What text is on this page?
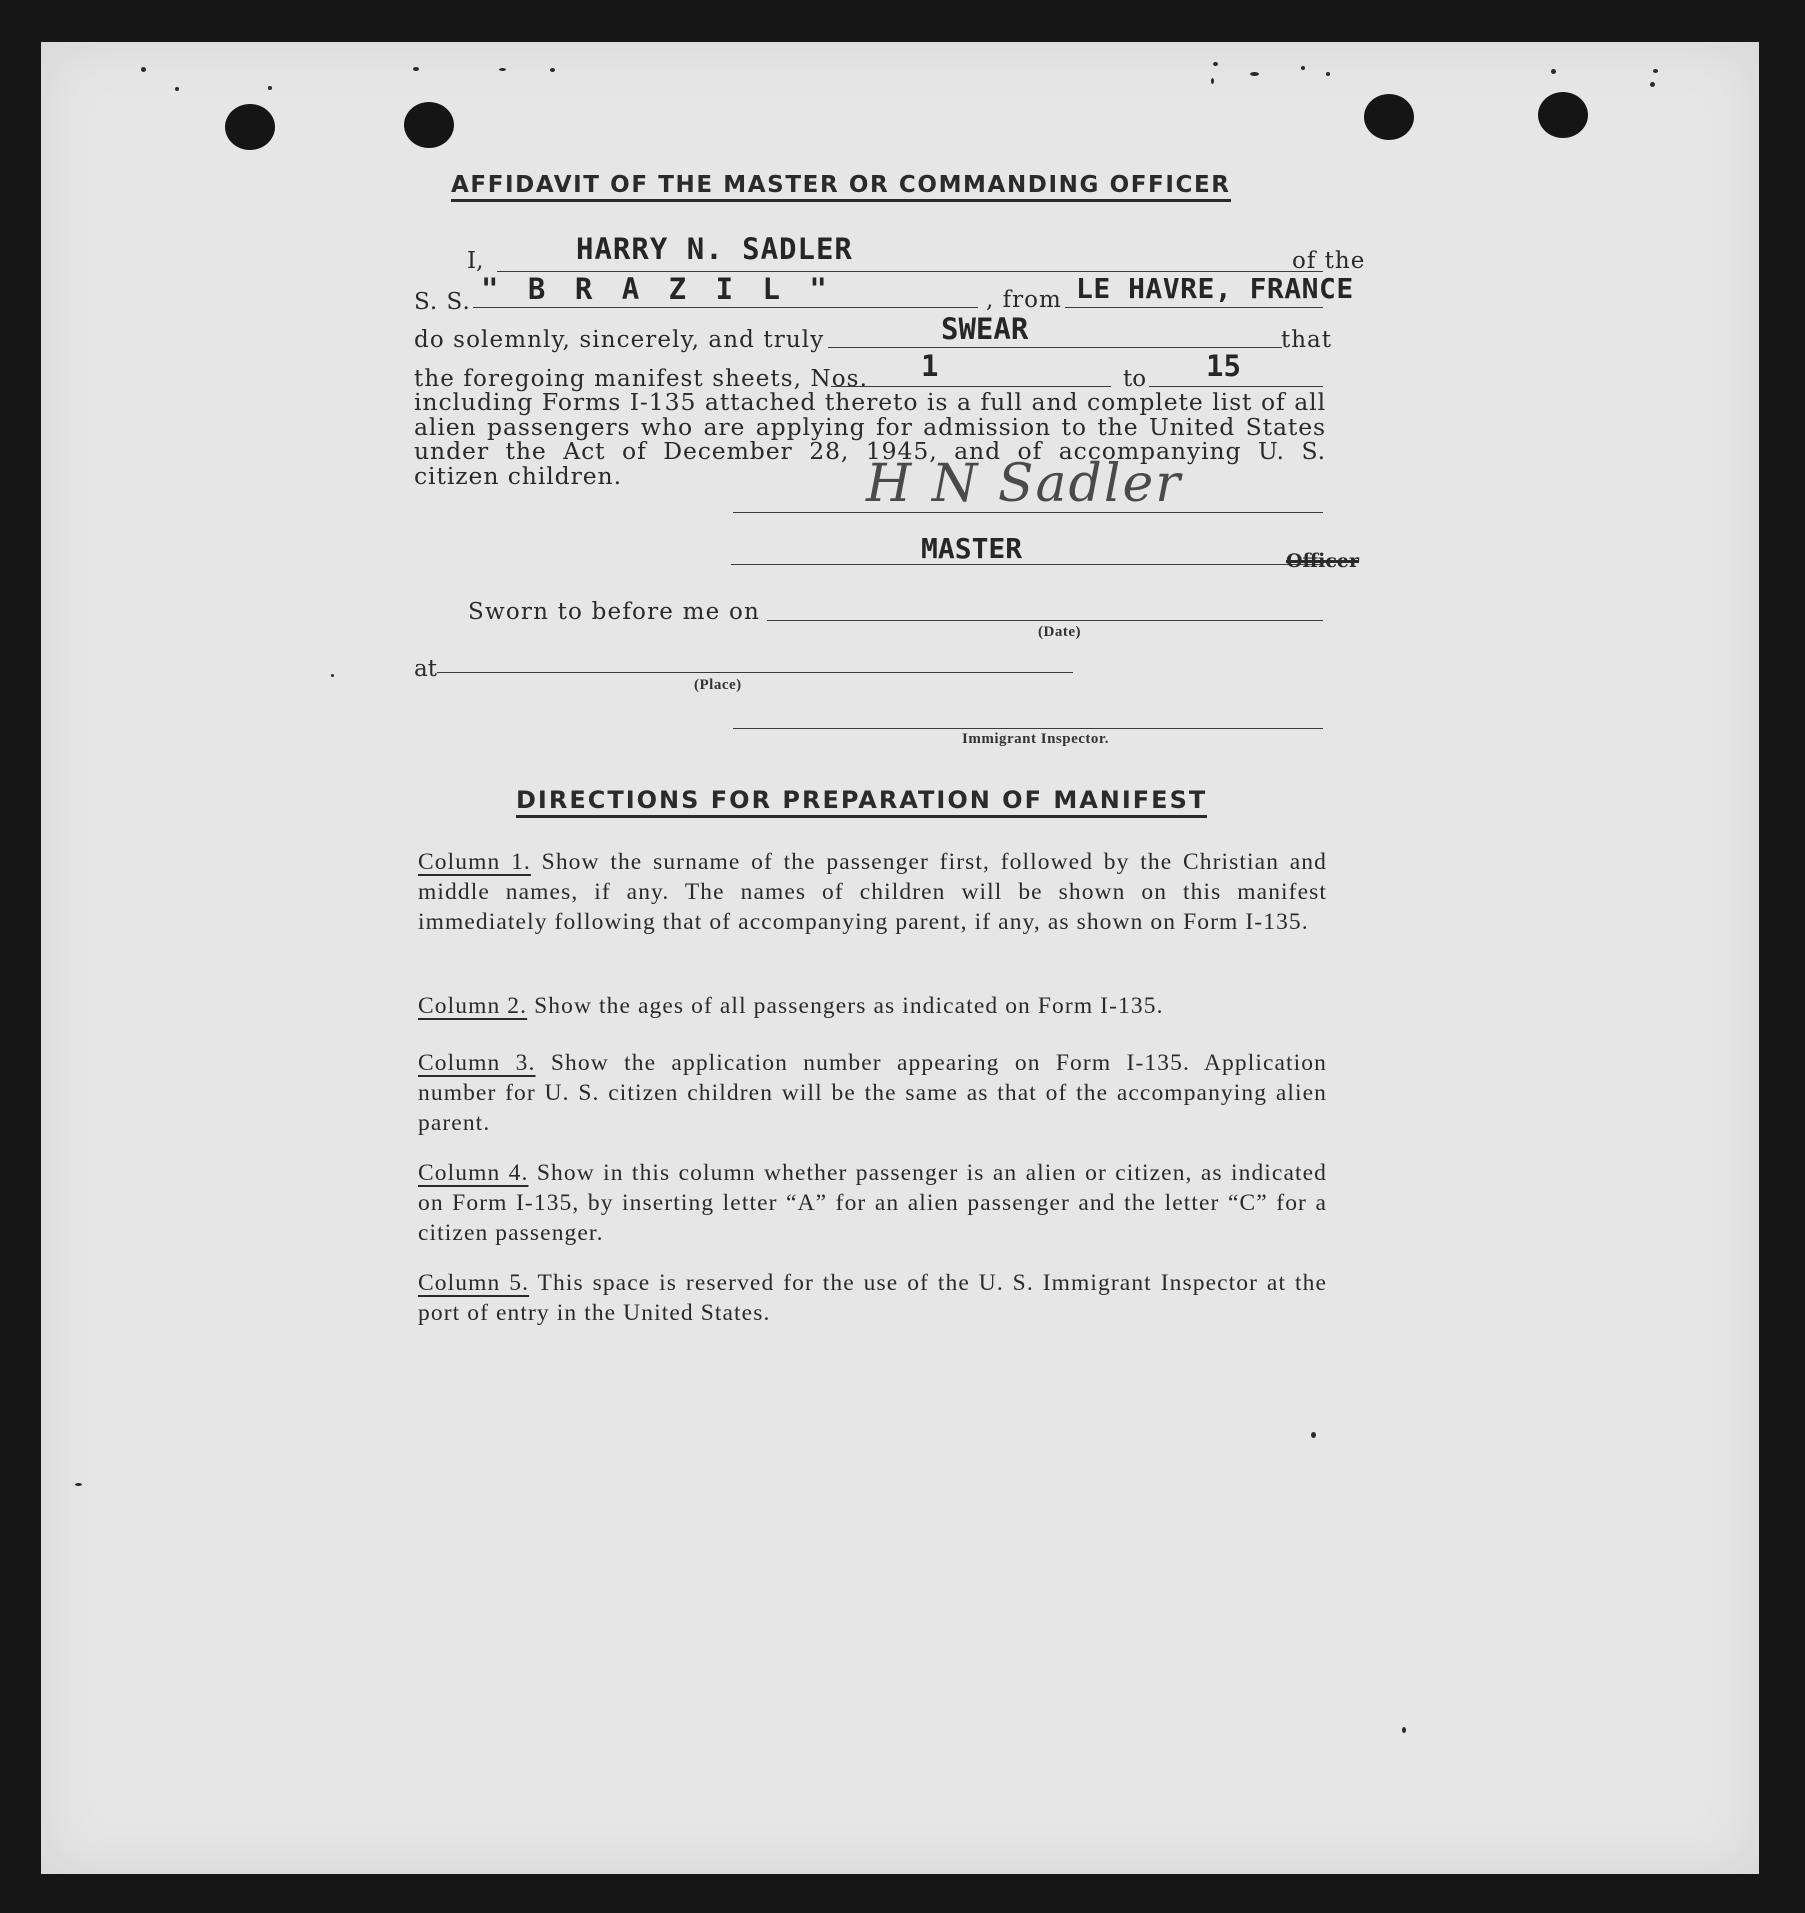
AFFIDAVIT OF THE MASTER OR COMMANDING OFFICER
I,	HARRY N. SADLER	of the
S. S. " B R A Z I L "	, from LE HAVRE, FRANCE
do solemnly, sincerely, and truly	SWEAR	that
the foregoing manifest sheets, Nos. 1	to 15
including Forms I-135 attached thereto is a full and complete list of all alien passengers who are applying for admission to the United States under the Act of December 28, 1945, and of accompanying U. S. citizen children.	H N Sadler
MASTER	Officer
Sworn to before me on
(Date)
at
(Place)
Immigrant Inspector.
DIRECTIONS FOR PREPARATION OF MANIFEST
Column 1. Show the surname of the passenger first, followed by the Christian and middle names, if any. The names of children will be shown on this manifest immediately following that of accompanying parent, if any, as shown on Form I-135.
Column 2. Show the ages of all passengers as indicated on Form I-135.
Column 3. Show the application number appearing on Form I-135. Application number for U. S. citizen children will be the same as that of the accompanying alien parent.
Column 4. Show in this column whether passenger is an alien or citizen, as indicated on Form I-135, by inserting letter “A” for an alien passenger and the letter “C” for a citizen passenger.
Column 5. This space is reserved for the use of the U. S. Immigrant Inspector at the port of entry in the United States.
